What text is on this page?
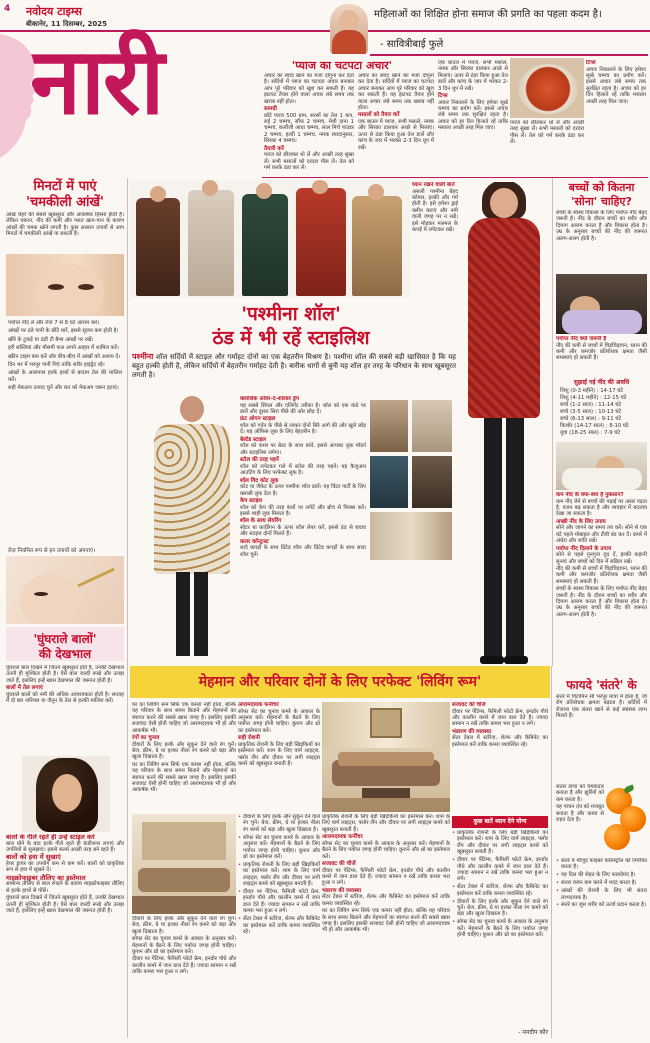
4 नवोदय टाइम्स
बीकानेर, 11 दिसम्बर, 2025
नारी
महिलाओं का शिक्षित होना समाज की प्रगति का पहला कदम है।
- सावित्रीबाई फुले
'प्याज का चटपटा अचार'

अचार का स्वाद खाने का मजा दोगुना कर देता है। सर्दियों में प्याज का चटपटा अचार बनाकर आप पूरे परिवार को खुश कर सकती हैं। यह झटपट तैयार होने वाला अचार लंबे समय तक खराब नहीं होता।

सामग्री

छोटे प्याज 500 ग्राम, सरसों का तेल 1 कप, राई 2 चम्मच, सौंफ 2 चम्मच, मेथी दाना 1 चम्मच, कलौंजी आधा चम्मच, लाल मिर्च पाउडर 2 चम्मच, हल्दी 1 चम्मच, नमक स्वादानुसार, सिरका 4 चम्मच।

तैयारी करें

प्याज को छीलकर धो लें और अच्छी तरह सुखा लें। सभी मसालों को दरदरा पीस लें। तेल को गर्म करके ठंडा कर लें।

अचार का स्वाद खाने का मजा दोगुना कर देता है। सर्दियों में प्याज का चटपटा अचार बनाकर आप पूरे परिवार को खुश कर सकती हैं। यह झटपट तैयार होने वाला अचार लंबे समय तक खराब नहीं होता।

मसालों को तैयार करें

एक बाउल में प्याज, सभी मसाले, नमक और सिरका डालकर अच्छे से मिलाएं। ऊपर से ठंडा किया हुआ तेल डालें और कांच के जार में भरकर 2-3 दिन धूप में रखें।

एक बाउल में प्याज, सभी मसाले, नमक और सिरका डालकर अच्छे से मिलाएं। ऊपर से ठंडा किया हुआ तेल डालें और कांच के जार में भरकर 2-3 दिन धूप में रखें।

टिप्स

अचार निकालने के लिए हमेशा सूखे चम्मच का प्रयोग करें। इससे अचार लंबे समय तक सुरक्षित रहता है। अचार को हर दिन हिलाते रहें ताकि मसाला अच्छी तरह मिल जाए।

टिप्स

अचार निकालने के लिए हमेशा सूखे चम्मच का प्रयोग करें। इससे अचार लंबे समय तक सुरक्षित रहता है। अचार को हर दिन हिलाते रहें ताकि मसाला अच्छी तरह मिल जाए।

प्याज को छीलकर धो लें और अच्छी तरह सुखा लें। सभी मसालों को दरदरा पीस लें। तेल को गर्म करके ठंडा कर लें।

मिनटों में पाएं
'चमकीली आंखें'
आंखें चेहरे की सबसे खूबसूरत और आकर्षक हिस्सा होती हैं। लेकिन थकान, नींद की कमी और गलत खान-पान के कारण आंखों की चमक खोने लगती है। कुछ आसान उपायों से आप मिनटों में चमकीली आंखें पा सकती हैं।
पर्याप्त नींद लें और रोज 7 से 8 घंटे आराम करें।
आंखों पर ठंडे पानी के छींटे मारें, इससे सूजन कम होती है।
खीरे के टुकड़े या ठंडी टी बैग्स आंखों पर रखें।
हरी सब्जियां और मौसमी फल अपने आहार में शामिल करें।
स्क्रीन टाइम कम करें और बीच-बीच में आंखों को आराम दें।
दिन भर में भरपूर पानी पिएं ताकि शरीर हाइड्रेट रहे।
आंखों के आसपास हल्के हाथों से बादाम तेल की मालिश करें।
सही मेकअप उत्पाद चुनें और रात को मेकअप जरूर हटाएं।
रोज़ नियमित रूप से इन उपायों को अपनाएं।
'घुंघराले बालों'
की देखभाल

घुंघराले बाल दिखने में जितने खूबसूरत होते हैं, उनकी देखभाल उतनी ही मुश्किल होती है। ऐसे बाल जल्दी रूखे और उलझ जाते हैं, इसलिए इन्हें खास देखभाल की जरूरत होती है।

बालों में तेल लगाएं

घुंघराले बालों को नमी की अधिक आवश्यकता होती है। सप्ताह में दो बार नारियल या जैतून के तेल से हल्की मालिश करें।

बालों के गीले रहते ही उन्हें स्टाइल करें

बाल धोने के बाद हल्के गीले रहते ही कंडीशनर लगाएं और उंगलियों से सुलझाएं। इससे कर्ल्स अच्छी तरह बने रहते हैं।

बालों को हवा में सुखाएं

हेयर ड्रायर का उपयोग कम से कम करें। बालों को प्राकृतिक रूप से हवा में सूखने दें।

माइक्रोफाइबर तौलिए का इस्तेमाल

सामान्य तौलिए से बाल रगड़ने के बजाय माइक्रोफाइबर तौलिए से हल्के हाथों से पोंछें।

घुंघराले बाल दिखने में जितने खूबसूरत होते हैं, उनकी देखभाल उतनी ही मुश्किल होती है। ऐसे बाल जल्दी रूखे और उलझ जाते हैं, इसलिए इन्हें खास देखभाल की जरूरत होती है।

ध्यान रखने वाली बातें

असली पश्मीना बेहद कोमल, हल्की और गर्म होती है। इसे हमेशा ड्राई क्लीन कराएं और नमी वाली जगह पर न रखें। इसे मोड़कर मलमल के कपड़े में लपेटकर रखें।

'पश्मीना शॉल'
ठंड में भी रहें स्टाइलिश
पश्मीना शॉल सर्दियों में स्टाइल और गर्माहट दोनों का एक बेहतरीन मिश्रण है। पश्मीना शॉल की सबसे बड़ी खासियत है कि यह बहुत हल्की होती है, लेकिन सर्दियों में बेहतरीन गर्माहट देती है। बारीक धागों से बुनी यह शॉल हर तरह के परिधान के साथ खूबसूरत लगती है।
क्लासिक ओवर-द-शोल्डर ड्रेप

यह सबसे सिंपल और एलिगेंट तरीका है। शॉल को एक कंधे पर डालें और दूसरा सिरा पीछे की ओर छोड़ दें।

फ्रंट ओपन स्टाइल

शॉल को गर्दन के पीछे से लाकर दोनों सिरे आगे की ओर खुले छोड़ दें। यह ऑफिस लुक के लिए बेहतरीन है।

बेल्टेड स्टाइल

शॉल को कमर पर बेल्ट के साथ बांधें, इससे आपका लुक मॉडर्न और स्टाइलिश लगेगा।

स्टोल की तरह पहनें

शॉल को लपेटकर गले में स्टोल की तरह पहनें। यह कैजुअल आउटिंग के लिए परफेक्ट लुक है।

शॉल विद कोट लुक

कोट या जैकेट के ऊपर पश्मीना शॉल डालें। यह विंटर पार्टी के लिए क्लासी लुक देता है।

केप स्टाइल

शॉल को केप की तरह कंधों पर लपेटें और ब्रोच से फिक्स करें। इससे शाही लुक मिलता है।

शॉल के साथ लेयरिंग

स्वेटर या कार्डिगन के ऊपर शॉल लेयर करें, इससे ठंड से बचाव और स्टाइल दोनों मिलते हैं।

कलर कॉन्ट्रास्ट

सादे कपड़ों के साथ प्रिंटेड शॉल और प्रिंटेड कपड़ों के साथ सादा शॉल चुनें।

बच्चों को कितना
'सोना' चाहिए?
बच्चों के स्वस्थ विकास के लिए पर्याप्त नींद बेहद जरूरी है। नींद के दौरान बच्चों का शरीर और दिमाग आराम करता है और विकास होता है। उम्र के अनुसार बच्चों की नींद की जरूरत अलग-अलग होती है।
पर्याप्त नींद क्यों जरूरी है

नींद की कमी से बच्चों में चिड़चिड़ापन, ध्यान की कमी और कमजोर प्रतिरोधक क्षमता जैसी समस्याएं हो सकती हैं।

सुझाई गई नींद की अवधि
शिशु (0-3 महीने) : 14-17 घंटे
शिशु (4-11 महीने) : 12-15 घंटे
बच्चे (1-2 साल) : 11-14 घंटे
बच्चे (3-5 साल) : 10-13 घंटे
बच्चे (6-13 साल) : 9-11 घंटे
किशोर (14-17 साल) : 8-10 घंटे
युवा (18-25 साल) : 7-9 घंटे
कम नींद के क्या-क्या हैं नुकसान?

कम नींद लेने से बच्चों की पढ़ाई पर असर पड़ता है, वजन बढ़ सकता है और व्यवहार में बदलाव देखा जा सकता है।

अच्छी नींद के लिए उपाय

सोने और जागने का समय तय करें। सोने से एक घंटे पहले मोबाइल और टीवी बंद कर दें। कमरे में अंधेरा और शांति रखें।

पर्याप्त नींद दिलाने के उपाय

सोने से पहले गुनगुना दूध दें, हल्की कहानी सुनाएं और बच्चों को दिन में सक्रिय रखें।

नींद की कमी से बच्चों में चिड़चिड़ापन, ध्यान की कमी और कमजोर प्रतिरोधक क्षमता जैसी समस्याएं हो सकती हैं।

बच्चों के स्वस्थ विकास के लिए पर्याप्त नींद बेहद जरूरी है। नींद के दौरान बच्चों का शरीर और दिमाग आराम करता है और विकास होता है। उम्र के अनुसार बच्चों की नींद की जरूरत अलग-अलग होती है।

मेहमान और परिवार दोनों के लिए परफेक्ट 'लिविंग रूम'

घर का लिविंग रूम सिर्फ एक कमरा नहीं होता, बल्कि यह परिवार के साथ समय बिताने और मेहमानों का स्वागत करने की सबसे खास जगह है। इसलिए इसकी सजावट ऐसी होनी चाहिए जो आरामदायक भी हो और आकर्षक भी।

रंगों का चुनाव

दीवारों के लिए हल्के और सुकून देने वाले रंग चुनें। बेज, क्रीम, ग्रे या हल्का नीला रंग कमरे को बड़ा और खुला दिखाता है।

घर का लिविंग रूम सिर्फ एक कमरा नहीं होता, बल्कि यह परिवार के साथ समय बिताने और मेहमानों का स्वागत करने की सबसे खास जगह है। इसलिए इसकी सजावट ऐसी होनी चाहिए जो आरामदायक भी हो और आकर्षक भी।

आरामदायक फर्नीचर

सोफा सेट का चुनाव कमरे के आकार के अनुसार करें। मेहमानों के बैठने के लिए पर्याप्त जगह होनी चाहिए। कुशन और थ्रो का इस्तेमाल करें।

सही रोशनी

प्राकृतिक रोशनी के लिए बड़ी खिड़कियों का इस्तेमाल करें। शाम के लिए वार्म लाइट्स, फ्लोर लैंप और दीवार पर लगी लाइट्स कमरे को खूबसूरत बनाती हैं।

सजावट की चीजें

दीवार पर पेंटिंग्स, फैमिली फोटो फ्रेम, इनडोर पौधे और कालीन कमरे में जान डाल देते हैं। ज्यादा सामान न रखें ताकि कमरा भरा हुआ न लगे।

भंडारण की व्यवस्था

सेंटर टेबल में स्टोरेज, शेल्फ और कैबिनेट का इस्तेमाल करें ताकि कमरा व्यवस्थित रहे।

• दीवारों के लिए हल्के और सुकून देने वाले रंग चुनें। बेज, क्रीम, ग्रे या हल्का नीला रंग कमरे को बड़ा और खुला दिखाता है।
• सोफा सेट का चुनाव कमरे के आकार के अनुसार करें। मेहमानों के बैठने के लिए पर्याप्त जगह होनी चाहिए। कुशन और थ्रो का इस्तेमाल करें।
• प्राकृतिक रोशनी के लिए बड़ी खिड़कियों का इस्तेमाल करें। शाम के लिए वार्म लाइट्स, फ्लोर लैंप और दीवार पर लगी लाइट्स कमरे को खूबसूरत बनाती हैं।
• दीवार पर पेंटिंग्स, फैमिली फोटो फ्रेम, इनडोर पौधे और कालीन कमरे में जान डाल देते हैं। ज्यादा सामान न रखें ताकि कमरा भरा हुआ न लगे।
• सेंटर टेबल में स्टोरेज, शेल्फ और कैबिनेट का इस्तेमाल करें ताकि कमरा व्यवस्थित रहे।

दीवारों के लिए हल्के और सुकून देने वाले रंग चुनें। बेज, क्रीम, ग्रे या हल्का नीला रंग कमरे को बड़ा और खुला दिखाता है।

सोफा सेट का चुनाव कमरे के आकार के अनुसार करें। मेहमानों के बैठने के लिए पर्याप्त जगह होनी चाहिए। कुशन और थ्रो का इस्तेमाल करें।

दीवार पर पेंटिंग्स, फैमिली फोटो फ्रेम, इनडोर पौधे और कालीन कमरे में जान डाल देते हैं। ज्यादा सामान न रखें ताकि कमरा भरा हुआ न लगे।

प्राकृतिक रोशनी के लिए बड़ी खिड़कियों का इस्तेमाल करें। शाम के लिए वार्म लाइट्स, फ्लोर लैंप और दीवार पर लगी लाइट्स कमरे को खूबसूरत बनाती हैं।

आरामदायक फर्नीचर

सोफा सेट का चुनाव कमरे के आकार के अनुसार करें। मेहमानों के बैठने के लिए पर्याप्त जगह होनी चाहिए। कुशन और थ्रो का इस्तेमाल करें।

सजावट की चीजें

दीवार पर पेंटिंग्स, फैमिली फोटो फ्रेम, इनडोर पौधे और कालीन कमरे में जान डाल देते हैं। ज्यादा सामान न रखें ताकि कमरा भरा हुआ न लगे।

भंडारण की व्यवस्था

सेंटर टेबल में स्टोरेज, शेल्फ और कैबिनेट का इस्तेमाल करें ताकि कमरा व्यवस्थित रहे।

घर का लिविंग रूम सिर्फ एक कमरा नहीं होता, बल्कि यह परिवार के साथ समय बिताने और मेहमानों का स्वागत करने की सबसे खास जगह है। इसलिए इसकी सजावट ऐसी होनी चाहिए जो आरामदायक भी हो और आकर्षक भी।

कुछ बातें ध्यान देने योग्य
• प्राकृतिक रोशनी के लिए बड़ी खिड़कियों का इस्तेमाल करें। शाम के लिए वार्म लाइट्स, फ्लोर लैंप और दीवार पर लगी लाइट्स कमरे को खूबसूरत बनाती हैं।
• दीवार पर पेंटिंग्स, फैमिली फोटो फ्रेम, इनडोर पौधे और कालीन कमरे में जान डाल देते हैं। ज्यादा सामान न रखें ताकि कमरा भरा हुआ न लगे।
• सेंटर टेबल में स्टोरेज, शेल्फ और कैबिनेट का इस्तेमाल करें ताकि कमरा व्यवस्थित रहे।
• दीवारों के लिए हल्के और सुकून देने वाले रंग चुनें। बेज, क्रीम, ग्रे या हल्का नीला रंग कमरे को बड़ा और खुला दिखाता है।
• सोफा सेट का चुनाव कमरे के आकार के अनुसार करें। मेहमानों के बैठने के लिए पर्याप्त जगह होनी चाहिए। कुशन और थ्रो का इस्तेमाल करें।
- मनदीप कौर
फायदे 'संतरे' के
संतरे में विटामिन सी भरपूर मात्रा में होता है, जो रोग प्रतिरोधक क्षमता बढ़ाता है। सर्दियों में रोजाना एक संतरा खाने से कई स्वास्थ्य लाभ मिलते हैं।

संतरा त्वचा को चमकदार बनाता है और झुर्रियों को कम करता है।

यह पाचन तंत्र को मजबूत बनाता है और कब्ज से राहत देता है।

• संतरे में मौजूद फाइबर कोलेस्ट्रॉल को नियंत्रित करता है।
• यह दिल की सेहत के लिए फायदेमंद है।
• संतरा वजन कम करने में मदद करता है।
• आंखों की रोशनी के लिए भी संतरा लाभदायक है।
• संतरे का जूस शरीर को ऊर्जा प्रदान करता है।
